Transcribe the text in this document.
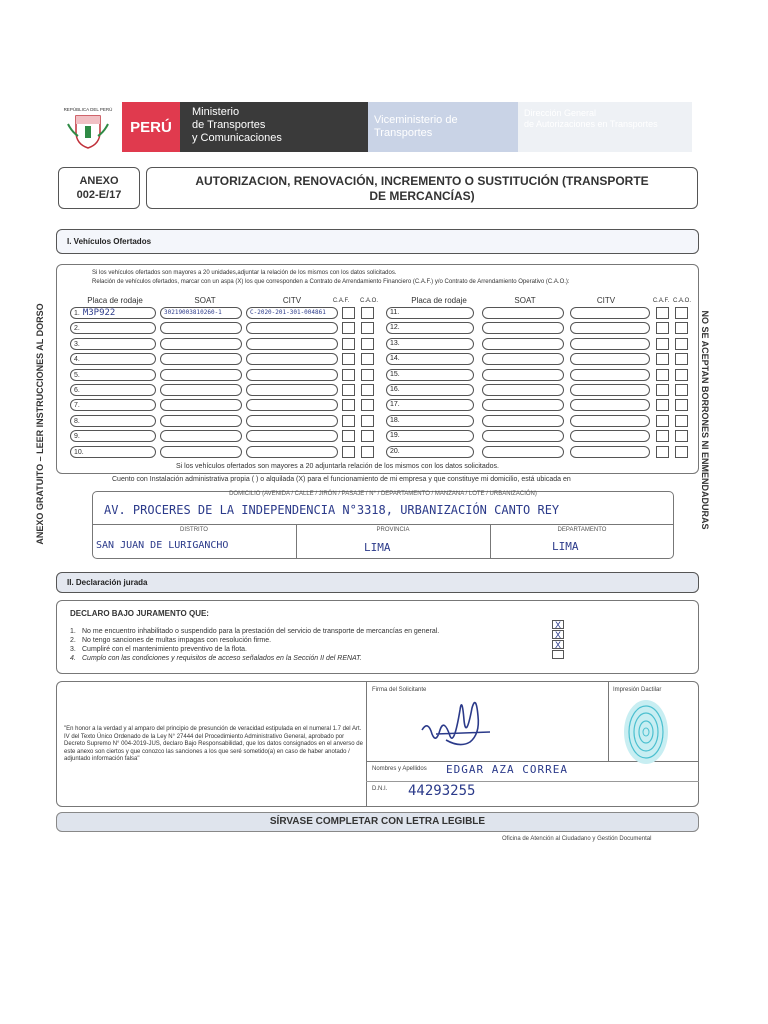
REPÚBLICA DEL PERÚ
PERÚ
Ministerio
de Transportes
y Comunicaciones
Viceministerio de
Transportes
Dirección General
de Autorizaciones en Transportes
ANEXO
002-E/17
AUTORIZACION, RENOVACIÓN, INCREMENTO O SUSTITUCIÓN (TRANSPORTE DE MERCANCÍAS)
I. Vehículos Ofertados
Si los vehículos ofertados son mayores a 20 unidades,adjuntar la relación de los mismos con los datos solicitados.
Relación de vehículos ofertados, marcar con un aspa (X) los que corresponden a Contrato de Arrendamiento Financiero (C.A.F.) y/o Contrato de Arrendamiento Operativo (C.A.O.):
Placa de rodaje	SOAT	CITV	C.A.F.	C.A.O.	Placa de rodaje	SOAT	CITV	C.A.F. C.A.O.
1. M3P922	30219003810260-1	C-2020-201-301-004861	11.
2.	12.
3.	13.
4.	14.
5.	15.
6.	16.
7.	17.
8.	18.
9.	19.
10.	20.
Si los vehículos ofertados son mayores a 20 adjuntarla relación de los mismos con los datos solicitados.
Cuento con Instalación administrativa propia ( ) o alquilada (X) para el funcionamiento de mi empresa y que constituye mi domicilio, está ubicada en
DOMICILIO (AVENIDA / CALLE / JIRÓN / PASAJE / N° / DEPARTAMENTO / MANZANA / LOTE / URBANIZACIÓN)
AV. PROCERES DE LA INDEPENDENCIA N°3318, URBANIZACIÓN CANTO REY
DISTRITO	PROVINCIA	DEPARTAMENTO
SAN JUAN DE LURIGANCHO	LIMA	LIMA
II. Declaración jurada
DECLARO BAJO JURAMENTO QUE:
1. No me encuentro inhabilitado o suspendido para la prestación del servicio de transporte de mercancías en general.
X
2. No tengo sanciones de multas impagas con resolución firme.
X
3. Cumpliré con el mantenimiento preventivo de la flota.	X
4. Cumplo con las condiciones y requisitos de acceso señalados en la Sección II del RENAT.
"En honor a la verdad y al amparo del principio de presunción de veracidad estipulada en el numeral 1.7 del Art. IV del Texto Único Ordenado de la Ley N° 27444 del Procedimiento Administrativo General, aprobado por Decreto Supremo N° 004-2019-JUS, declaro Bajo Responsabilidad, que los datos consignados en el anverso de este anexo son ciertos y que conozco las sanciones a los que seré sometido(a) en caso de haber anotado / adjuntado información falsa"
Firma del Solicitante	Impresión Dactilar
Nombres y Apellidos EDGAR AZA CORREA
D.N.I. 44293255
SÍRVASE COMPLETAR CON LETRA LEGIBLE
Oficina de Atención al Ciudadano y Gestión Documental
ANEXO GRATUITO – LEER INSTRUCCIONES AL DORSO	NO SE ACEPTAN BORRONES NI ENMENDADURAS
